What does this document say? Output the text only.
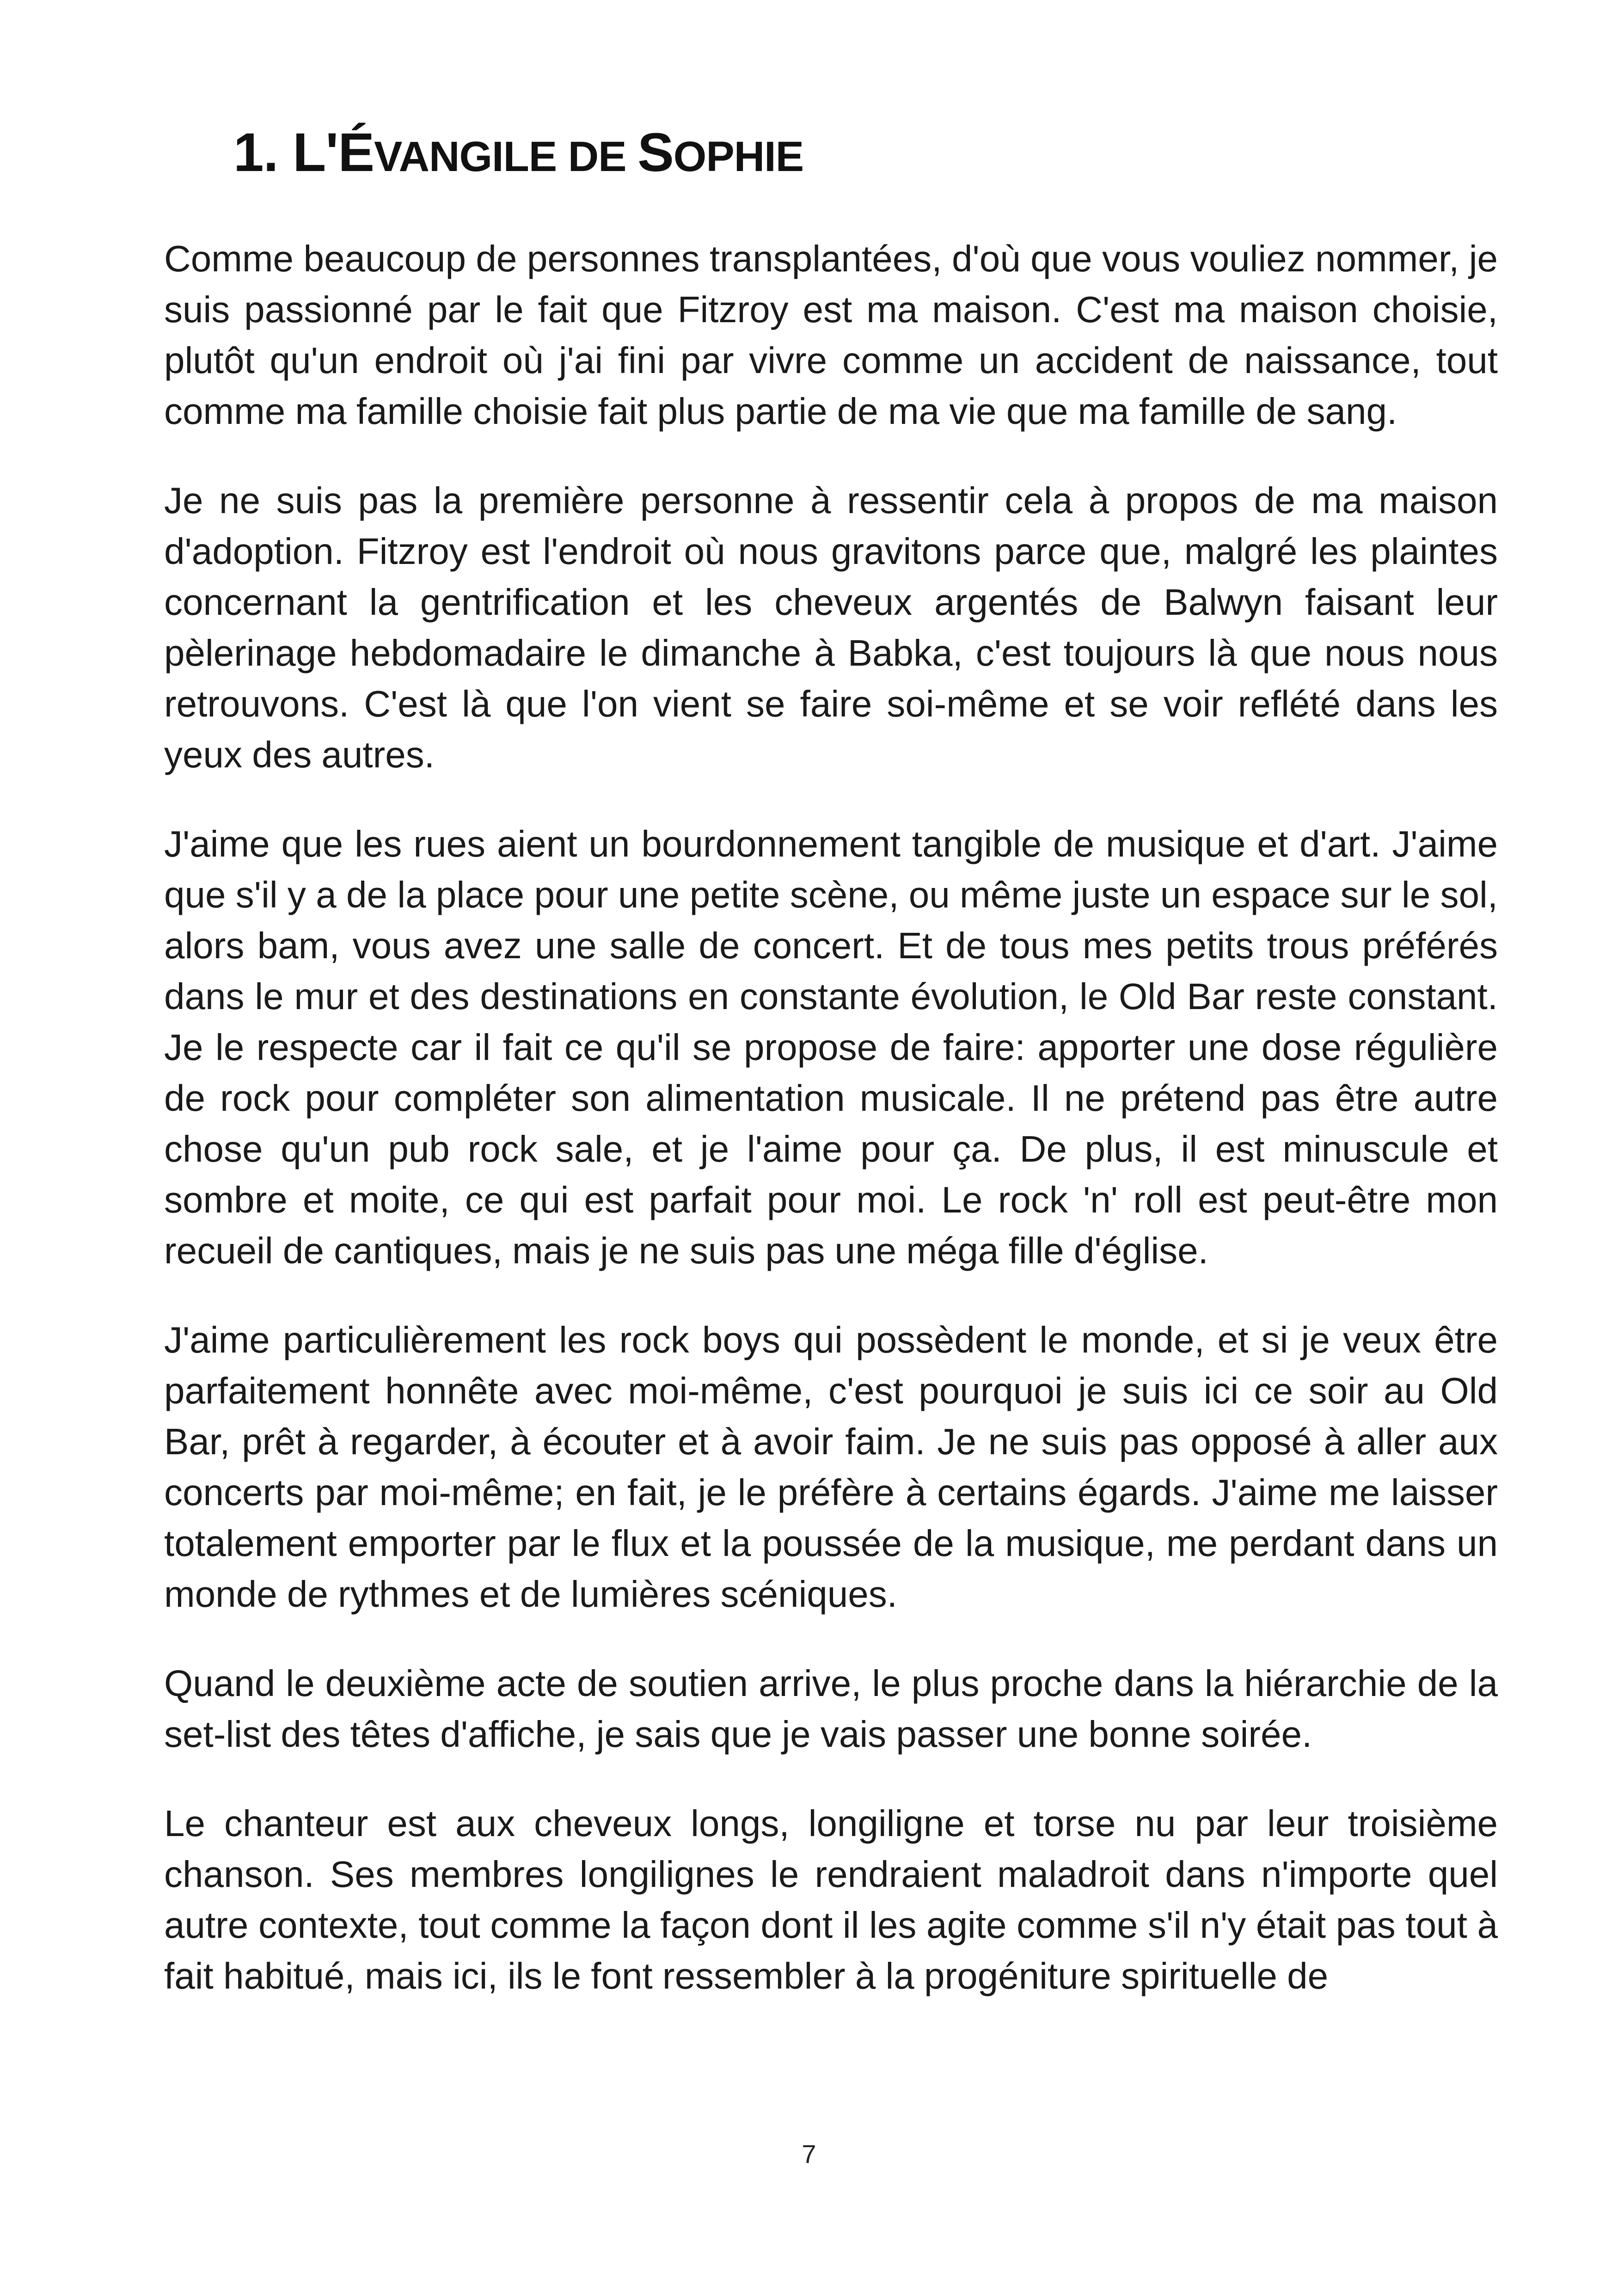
1. L'ÉVANGILE DE SOPHIE

Comme beaucoup de personnes transplantées, d'où que vous vouliez nommer, je suis passionné par le fait que Fitzroy est ma maison. C'est ma maison choisie, plutôt qu'un endroit où j'ai fini par vivre comme un accident de naissance, tout comme ma famille choisie fait plus partie de ma vie que ma famille de sang.

Je ne suis pas la première personne à ressentir cela à propos de ma maison d'adoption. Fitzroy est l'endroit où nous gravitons parce que, malgré les plaintes concernant la gentrification et les cheveux argentés de Balwyn faisant leur pèlerinage hebdomadaire le dimanche à Babka, c'est toujours là que nous nous retrouvons. C'est là que l'on vient se faire soi-même et se voir reflété dans les yeux des autres.

J'aime que les rues aient un bourdonnement tangible de musique et d'art. J'aime que s'il y a de la place pour une petite scène, ou même juste un espace sur le sol, alors bam, vous avez une salle de concert. Et de tous mes petits trous préférés dans le mur et des destinations en constante évolution, le Old Bar reste constant. Je le respecte car il fait ce qu'il se propose de faire: apporter une dose régulière de rock pour compléter son alimentation musicale. Il ne prétend pas être autre chose qu'un pub rock sale, et je l'aime pour ça. De plus, il est minuscule et sombre et moite, ce qui est parfait pour moi. Le rock 'n' roll est peut-être mon recueil de cantiques, mais je ne suis pas une méga fille d'église.

J'aime particulièrement les rock boys qui possèdent le monde, et si je veux être parfaitement honnête avec moi-même, c'est pourquoi je suis ici ce soir au Old Bar, prêt à regarder, à écouter et à avoir faim. Je ne suis pas opposé à aller aux concerts par moi-même; en fait, je le préfère à certains égards. J'aime me laisser totalement emporter par le flux et la poussée de la musique, me perdant dans un monde de rythmes et de lumières scéniques.

Quand le deuxième acte de soutien arrive, le plus proche dans la hiérarchie de la set-list des têtes d'affiche, je sais que je vais passer une bonne soirée.

Le chanteur est aux cheveux longs, longiligne et torse nu par leur troisième chanson. Ses membres longilignes le rendraient maladroit dans n'importe quel autre contexte, tout comme la façon dont il les agite comme s'il n'y était pas tout à fait habitué, mais ici, ils le font ressembler à la progéniture spirituelle de

7
